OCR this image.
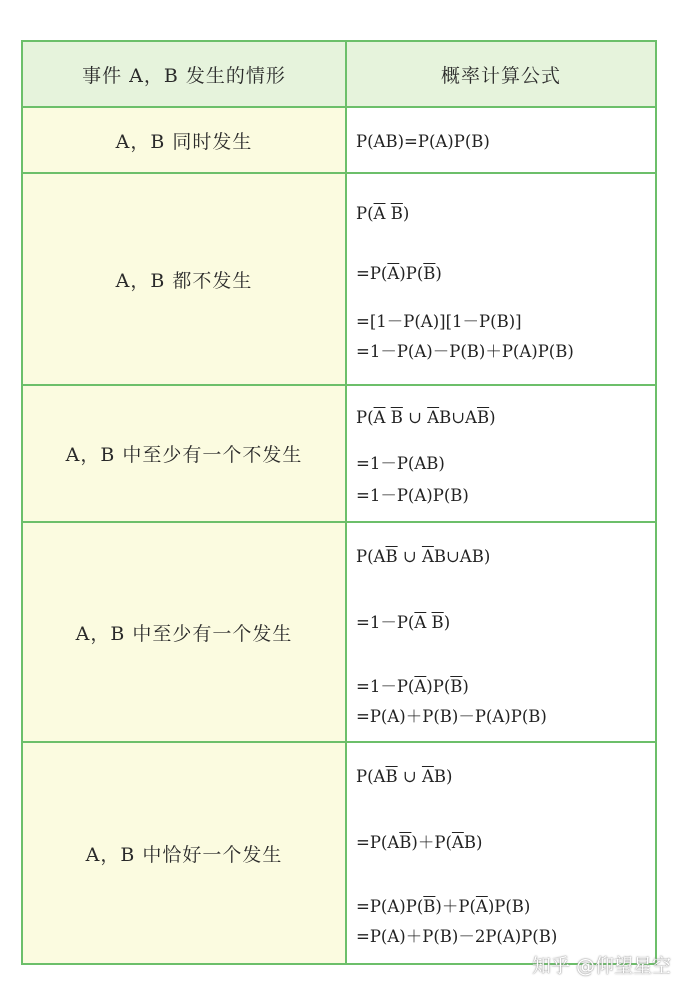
事件 A，B 发生的情形	概率计算公式
A，B 同时发生	P(AB)=P(A)P(B)

A，B 都不发生	$P(\overline{A}$ $\overline{B}$)
$=P(\overline{A})P(\overline{B})$
=[1－P(A)][1－P(B)]
=1－P(A)－P(B)＋P(A)P(B)

A，B 中至少有一个不发生	$P(\overline{A}$ $\overline{B}$ ∪ $\overline{A}B\cup A\overline{B}$)
=1－P(AB)
=1－P(A)P(B)

A，B 中至少有一个发生	$P(A\overline{B}$ ∪ $\overline{A}B\cup AB$)
$=1-P(\overline{A}$ $\overline{B}$)
$=1-P(\overline{A})P(\overline{B})$
=P(A)＋P(B)－P(A)P(B)

A，B 中恰好一个发生	$P(A\overline{B}$ ∪ $\overline{A}B$)
$=P(A\overline{B})+P(\overline{A}B)$
$=P(A)P(\overline{B})+P(\overline{A})P(B)$
=P(A)＋P(B)－2P(A)P(B)
知乎 @仰望星空
